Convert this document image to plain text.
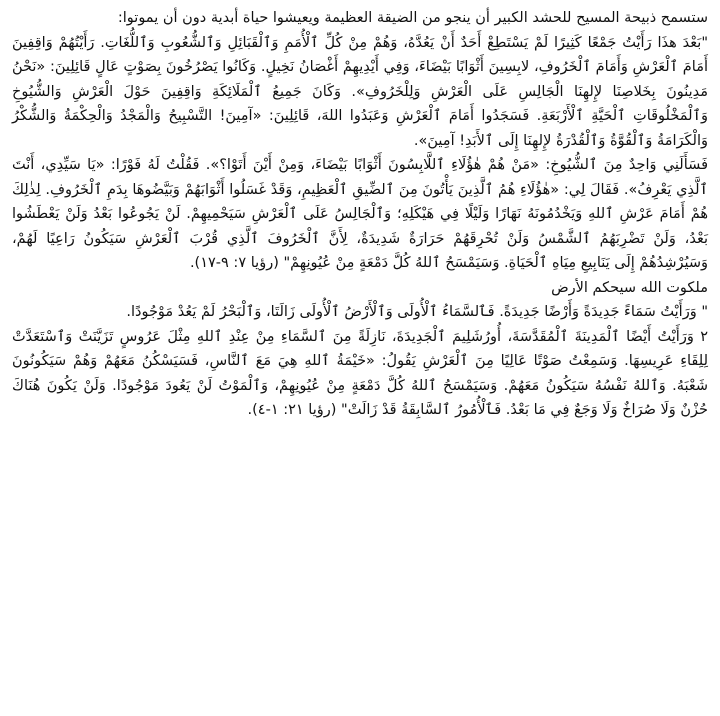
ستسمح ذبيحة المسيح للحشد الكبير أن ينجو من الضيقة العظيمة ويعيشوا حياة أبدية دون أن يموتوا:

"بَعْدَ هذَا رَأَيْتُ جَمْعًا كَثِيرًا لَمْ يَسْتَطِعْ أَحَدٌ أَنْ يَعُدَّهُ، وَهُمْ مِنْ كُلِّ ٱلْأُمَمِ وَٱلْقَبَائِلِ وَٱلشُّعُوبِ وَٱللُّغَاتِ. رَأَيْتُهُمْ وَاقِفِينَ أَمَامَ ٱلْعَرْشِ وَأَمَامَ ٱلْخَرُوفِ، لابِسِينَ أَثْوَابًا بَيْضَاءَ، وَفِي أَيْدِيهِمْ أَغْصَانُ نَخِيلٍ. وَكَانُوا يَصْرُخُونَ بِصَوْتٍ عَالٍ قَائِلِينَ: «نَحْنُ مَدِينُونَ بِخَلاصِنَا لإِلهِنَا الْجَالِسِ عَلَى الْعَرْشِ وَلِلْخَرُوفِ». وَكَانَ جَمِيعُ ٱلْمَلَائِكَةِ وَاقِفِينَ حَوْلَ الْعَرْشِ وَالشُّيُوخِ وَٱلْمَخْلُوقَاتِ ٱلْحَيَّةِ ٱلْأَرْبَعَةِ. فَسَجَدُوا أَمَامَ ٱلْعَرْشِ وَعَبَدُوا اللهَ، قَائِلِينَ: «آمِينَ! التَّسْبِيحُ وَالْمَجْدُ وَالْحِكْمَةُ وَالشُّكْرُ وَالْكَرَامَةُ وَٱلْقُوَّةُ وَٱلْقُدْرَةُ لإِلهِنَا إِلَى ٱلأَبَدِ! آمِينَ».

فَسَأَلَنِي وَاحِدٌ مِنَ ٱلشُّيُوخِ: «مَنْ هُمْ هٰؤُلَاءِ ٱللَّابِسُونَ أَثْوَابًا بَيْضَاءَ، وَمِنْ أَيْنَ أَتَوْا؟». فَقُلْتُ لَهُ فَوْرًا: «يَا سَيِّدِي، أَنْتَ ٱلَّذِي يَعْرِفُ». فَقَالَ لِي: «هٰؤُلَاءِ هُمُ ٱلَّذِينَ يَأْتُونَ مِنَ ٱلضِّيقِ ٱلْعَظِيمِ، وَقَدْ غَسَلُوا أَثْوَابَهُمْ وَبَيَّضُوهَا بِدَمِ ٱلْخَرُوفِ. لِذٰلِكَ هُمْ أَمَامَ عَرْشِ ٱللهِ وَيَخْدُمُونَهُ نَهَارًا وَلَيْلًا فِي هَيْكَلِهِ؛ وَٱلْجَالِسُ عَلَى ٱلْعَرْشِ سَيَحْمِيهِمْ. لَنْ يَجُوعُوا بَعْدُ وَلَنْ يَعْطَشُوا بَعْدُ، وَلَنْ تَضْرِبَهُمُ ٱلشَّمْسُ وَلَنْ تُحْرِقَهُمْ حَرَارَةٌ شَدِيدَةٌ، لِأَنَّ ٱلْخَرُوفَ ٱلَّذِي قُرْبَ ٱلْعَرْشِ سَيَكُونُ رَاعِيًا لَهُمْ، وَسَيُرْشِدُهُمْ إِلَى يَنَابِيعِ مِيَاهِ ٱلْحَيَاةِ. وَسَيَمْسَحُ ٱللهُ كُلَّ دَمْعَةٍ مِنْ عُيُونِهِمْ" (رؤيا ٧: ٩-١٧).

ملكوت الله سيحكم الأرض

" وَرَأَيْتُ سَمَاءً جَدِيدَةً وَأَرْضًا جَدِيدَةً. فَٱلسَّمَاءُ ٱلْأُولَى وَٱلْأَرْضُ ٱلْأُولَى زَالَتَا، وَٱلْبَحْرُ لَمْ يَعُدْ مَوْجُودًا.

٢ وَرَأَيْتُ أَيْضًا ٱلْمَدِينَةَ ٱلْمُقَدَّسَةَ، أُورُشَلِيمَ ٱلْجَدِيدَةَ، نَازِلَةً مِنَ ٱلسَّمَاءِ مِنْ عِنْدِ ٱللهِ مِثْلَ عَرُوسٍ تَزَيَّنَتْ وَٱسْتَعَدَّتْ لِلِقَاءِ عَرِيسِهَا. وَسَمِعْتُ صَوْتًا عَالِيًا مِنَ ٱلْعَرْشِ يَقُولُ: «خَيْمَةُ ٱللهِ هِيَ مَعَ ٱلنَّاسِ، فَسَيَسْكُنُ مَعَهُمْ وَهُمْ سَيَكُونُونَ شَعْبَهُ. وَٱللهُ نَفْسُهُ سَيَكُونُ مَعَهُمْ. وَسَيَمْسَحُ ٱللهُ كُلَّ دَمْعَةٍ مِنْ عُيُونِهِمْ، وَٱلْمَوْتُ لَنْ يَعُودَ مَوْجُودًا. وَلَنْ يَكُونَ هُنَاكَ حُزْنٌ وَلَا صُرَاخٌ وَلَا وَجَعٌ فِي مَا بَعْدُ. فَٱلْأُمُورُ ٱلسَّابِقَةُ قَدْ زَالَتْ" (رؤيا ٢١: ١-٤).
